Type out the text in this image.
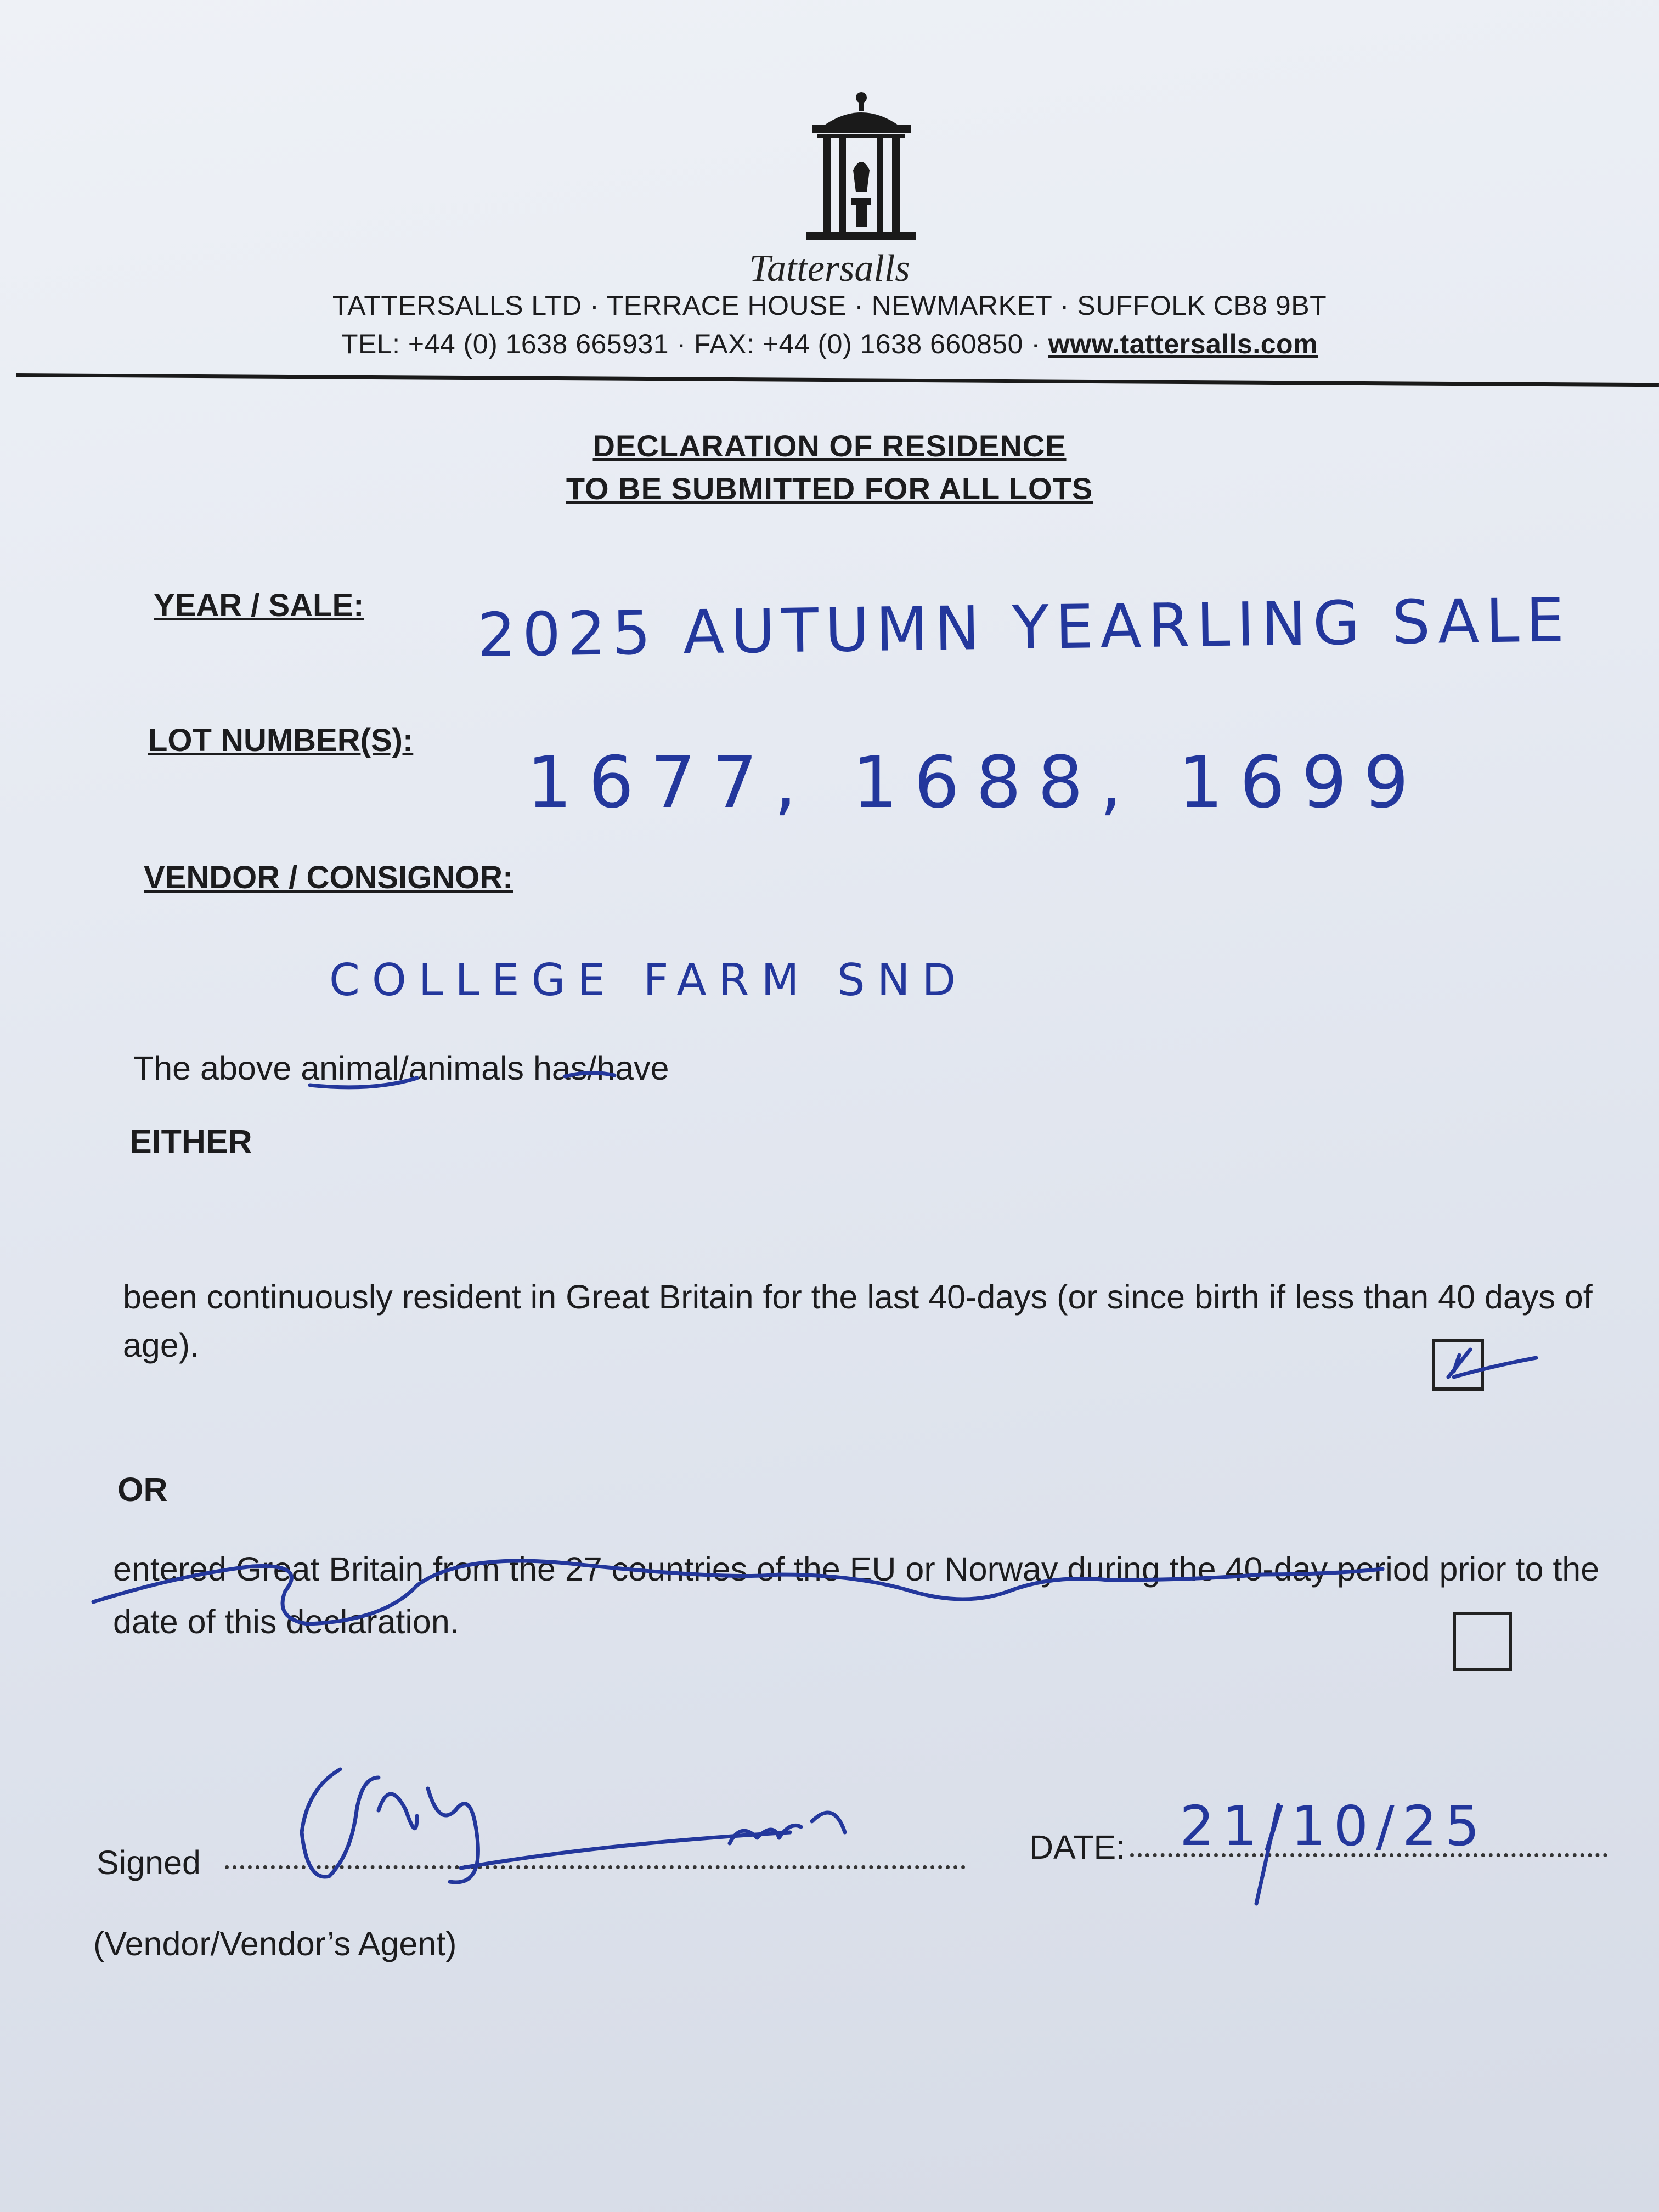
Tattersalls
TATTERSALLS LTD · TERRACE HOUSE · NEWMARKET · SUFFOLK CB8 9BT
TEL: +44 (0) 1638 665931 · FAX: +44 (0) 1638 660850 · www.tattersalls.com
DECLARATION OF RESIDENCE
TO BE SUBMITTED FOR ALL LOTS
YEAR / SALE: 2025 AUTUMN YEARLING SALE
LOT NUMBER(S):
1677, 1688, 1699
VENDOR / CONSIGNOR:
COLLEGE FARM SND
The above animal/animals has/have
EITHER
been continuously resident in Great Britain for the last 40-days (or since birth if less than 40 days of age).
OR
entered Great Britain from the 27 countries of the EU or Norway during the 40-day period prior to the date of this declaration.
Signed
(Vendor/Vendor’s Agent)
DATE: 21/10/25
